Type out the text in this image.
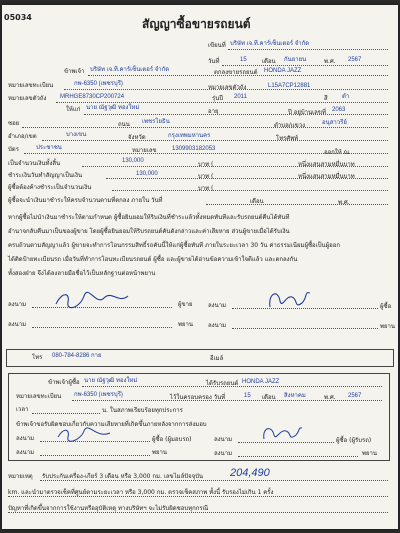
05034	สัญญาซื้อขายรถยนต์
เขียนที่ บริษัท เจ.ที.คาร์เซ็นเตอร์ จำกัด
วันที่	15	เดือน กันยายน	พ.ศ. 2567
ข้าพเจ้า บริษัท เจ.ที.คาร์เซ็นเตอร์ จำกัด	ตกลงขายรถยนต์ HONDA JAZZ
หมายเลขทะเบียน	กพ-6350 (เพชรบุรี)	หมายเลขตัวถัง	L15A7CP12881
หมายเลขตัวถัง MRHGE8730CP200724	รุ่นปี 2011	สี ดำ
ให้แก่ นาย ณัฐวุฒิ ทองใหม่	อายุ	ปี อยู่บ้านเลขที่ 2063
ซอย	ถนน เพชรโยธิน	ตำบล/แขวง	อนุสาวรีย์
อำเภอ/เขต	บางเขน	จังหวัด	กรุงเทพมหานคร	โทรศัพท์
บัตร	ประชาชน	หมายเลข	1309903182053	ออกให้ ณ
เป็นจำนวนเงินทั้งสิ้น	130,000	บาท (	หนึ่งแสนสามหมื่นบาท
ชำระเงินวันทำสัญญาเป็นเงิน	130,000	บาท (	หนึ่งแสนสามหมื่นบาท
ผู้ซื้อต้องค้างชำระเป็นจำนวนเงิน	บาท (
ผู้ซื้อจะนำเงินมาชำระให้ครบจำนวนตามที่ตกลง ภายใน วันที่	เดือน	พ.ศ.
หากผู้ซื้อไม่นำเงินมาชำระให้ตามกำหนด ผู้ซื้อยินยอมให้ริบเงินที่ชำระแล้วทั้งหมดทันทีและรับรถยนต์คืนได้ทันที
อำนาจกลับคืนมาเป็นของผู้ขาย โดยผู้ซื้อยินยอมให้ริบรถยนต์คันดังกล่าวและค่าเสียหาย ส่วนผู้ขายเมื่อได้รับเงิน
ครบถ้วนตามสัญญาแล้ว ผู้ขายจะทำการโอนกรรมสิทธิ์รถคันนี้ให้แก่ผู้ซื้อทันที ภายในระยะเวลา 30 วัน ค่าธรรมเนียมผู้ซื้อเป็นผู้ออก
ได้ติดป้ายทะเบียนรถ เมื่อวันที่ทำการโอนทะเบียนรถยนต์ ผู้ซื้อ และผู้ขายได้อ่านข้อความเข้าใจดีแล้ว และตกลงกัน
ทั้งสองฝ่าย จึงได้ลงลายมือชื่อไว้เป็นหลักฐานต่อหน้าพยาน
ลงนาม	ผู้ขาย	ลงนาม	ผู้ซื้อ
ลงนาม	พยาน	ลงนาม	พยาน
โทร 080-784-8286 กาย	อีเมล์
ข้าพเจ้าผู้ซื้อ นาย ณัฐวุฒิ ทองใหม่	ได้รับรถยนต์ HONDA JAZZ
หมายเลขทะเบียน กพ-6350 (เพชรบุรี)	ไว้ในครอบครอง วันที่	15 เดือน สิงหาคม	พ.ศ. 2567
เวลา	น. ในสภาพเรียบร้อยทุกประการ
ข้าพเจ้าขอรับผิดชอบเกี่ยวกับความเสียหายที่เกิดขึ้นภายหลังจากการส่งมอบ
ลงนาม	ผู้ซื้อ (ผู้มอบรถ)	ลงนาม	ผู้ซื้อ (ผู้รับรถ)
ลงนาม	พยาน	ลงนาม	พยาน
หมายเหตุ รับประกันเครื่อง-เกียร์ 3 เดือน หรือ 3,000 กม. เลขไมล์ปัจจุบัน 204,490
km. และนำมาตรวจเช็คที่ศูนย์ตามระยะเวลา หรือ 3,000 กม. ตรวจเช็คสภาพ ทั้งนี้ รับรองไม่เกิน 1 ครั้ง
ปัญหาที่เกิดขึ้นจากการใช้งานหรืออุบัติเหตุ ทางบริษัทฯ จะไม่รับผิดชอบทุกกรณี
